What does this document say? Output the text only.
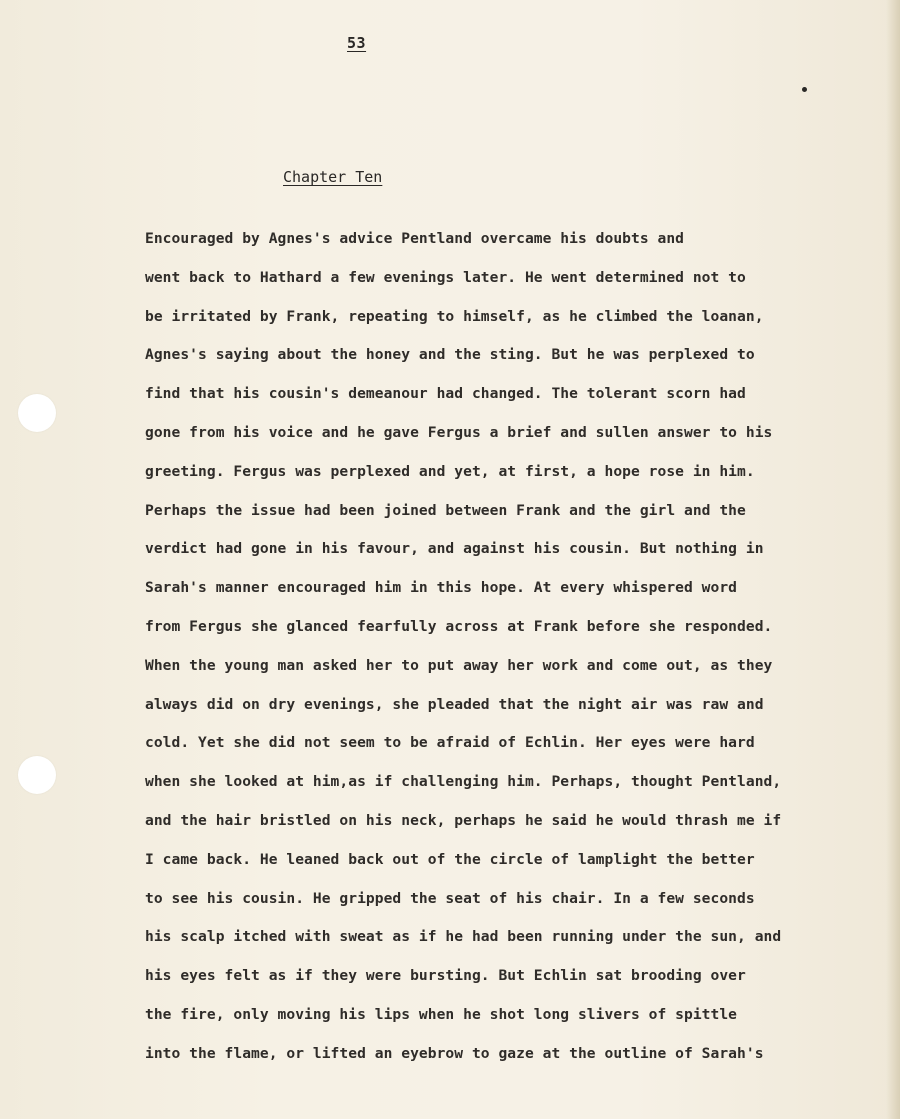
53
Chapter Ten
Encouraged by Agnes's advice Pentland overcame his doubts and
went back to Hathard a few evenings later. He went determined not to
be irritated by Frank, repeating to himself, as he climbed the loanan,
Agnes's saying about the honey and the sting. But he was perplexed to
find that his cousin's demeanour had changed. The tolerant scorn had
gone from his voice and he gave Fergus a brief and sullen answer to his
greeting. Fergus was perplexed and yet, at first, a hope rose in him.
Perhaps the issue had been joined between Frank and the girl and the
verdict had gone in his favour, and against his cousin. But nothing in
Sarah's manner encouraged him in this hope. At every whispered word
from Fergus she glanced fearfully across at Frank before she responded.
When the young man asked her to put away her work and come out, as they
always did on dry evenings, she pleaded that the night air was raw and
cold. Yet she did not seem to be afraid of Echlin. Her eyes were hard
when she looked at him,as if challenging him. Perhaps, thought Pentland,
and the hair bristled on his neck, perhaps he said he would thrash me if
I came back. He leaned back out of the circle of lamplight the better
to see his cousin. He gripped the seat of his chair. In a few seconds
his scalp itched with sweat as if he had been running under the sun, and
his eyes felt as if they were bursting. But Echlin sat brooding over
the fire, only moving his lips when he shot long slivers of spittle
into the flame, or lifted an eyebrow to gaze at the outline of Sarah's
